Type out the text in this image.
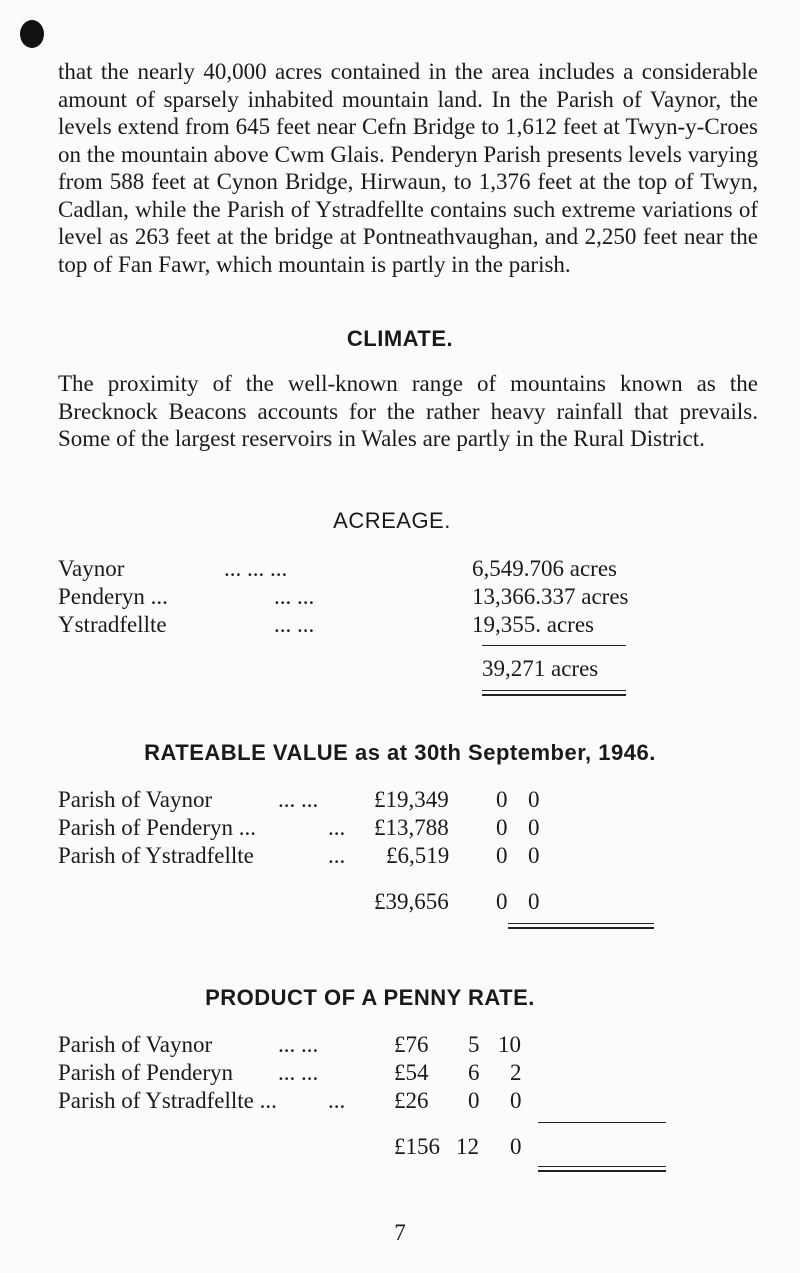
that the nearly 40,000 acres contained in the area includes a considerable amount of sparsely inhabited mountain land. In the Parish of Vaynor, the levels extend from 645 feet near Cefn Bridge to 1,612 feet at Twyn-y-Croes on the mountain above Cwm Glais. Penderyn Parish presents levels varying from 588 feet at Cynon Bridge, Hirwaun, to 1,376 feet at the top of Twyn, Cadlan, while the Parish of Ystradfellte contains such extreme variations of level as 263 feet at the bridge at Pontneathvaughan, and 2,250 feet near the top of Fan Fawr, which mountain is partly in the parish.

CLIMATE.

The proximity of the well-known range of mountains known as the Brecknock Beacons accounts for the rather heavy rainfall that prevails. Some of the largest reservoirs in Wales are partly in the Rural District.

ACREAGE.
Vaynor	... ... ...	6,549.706 acres
Penderyn ...	... ...	13,366.337 acres
Ystradfellte	... ...	19,355. acres
39,271 acres
RATEABLE VALUE as at 30th September, 1946.
Parish of Vaynor	... ... £19,349 0 0
Parish of Penderyn ...	... £13,788 0 0
Parish of Ystradfellte	... £6,519 0 0
£39,656 0 0
PRODUCT OF A PENNY RATE.
Parish of Vaynor	... ...	£76 5 10
Parish of Penderyn ... ...	£54 6 2
Parish of Ystradfellte ... ... £26 0 0
£156 12 0
7
